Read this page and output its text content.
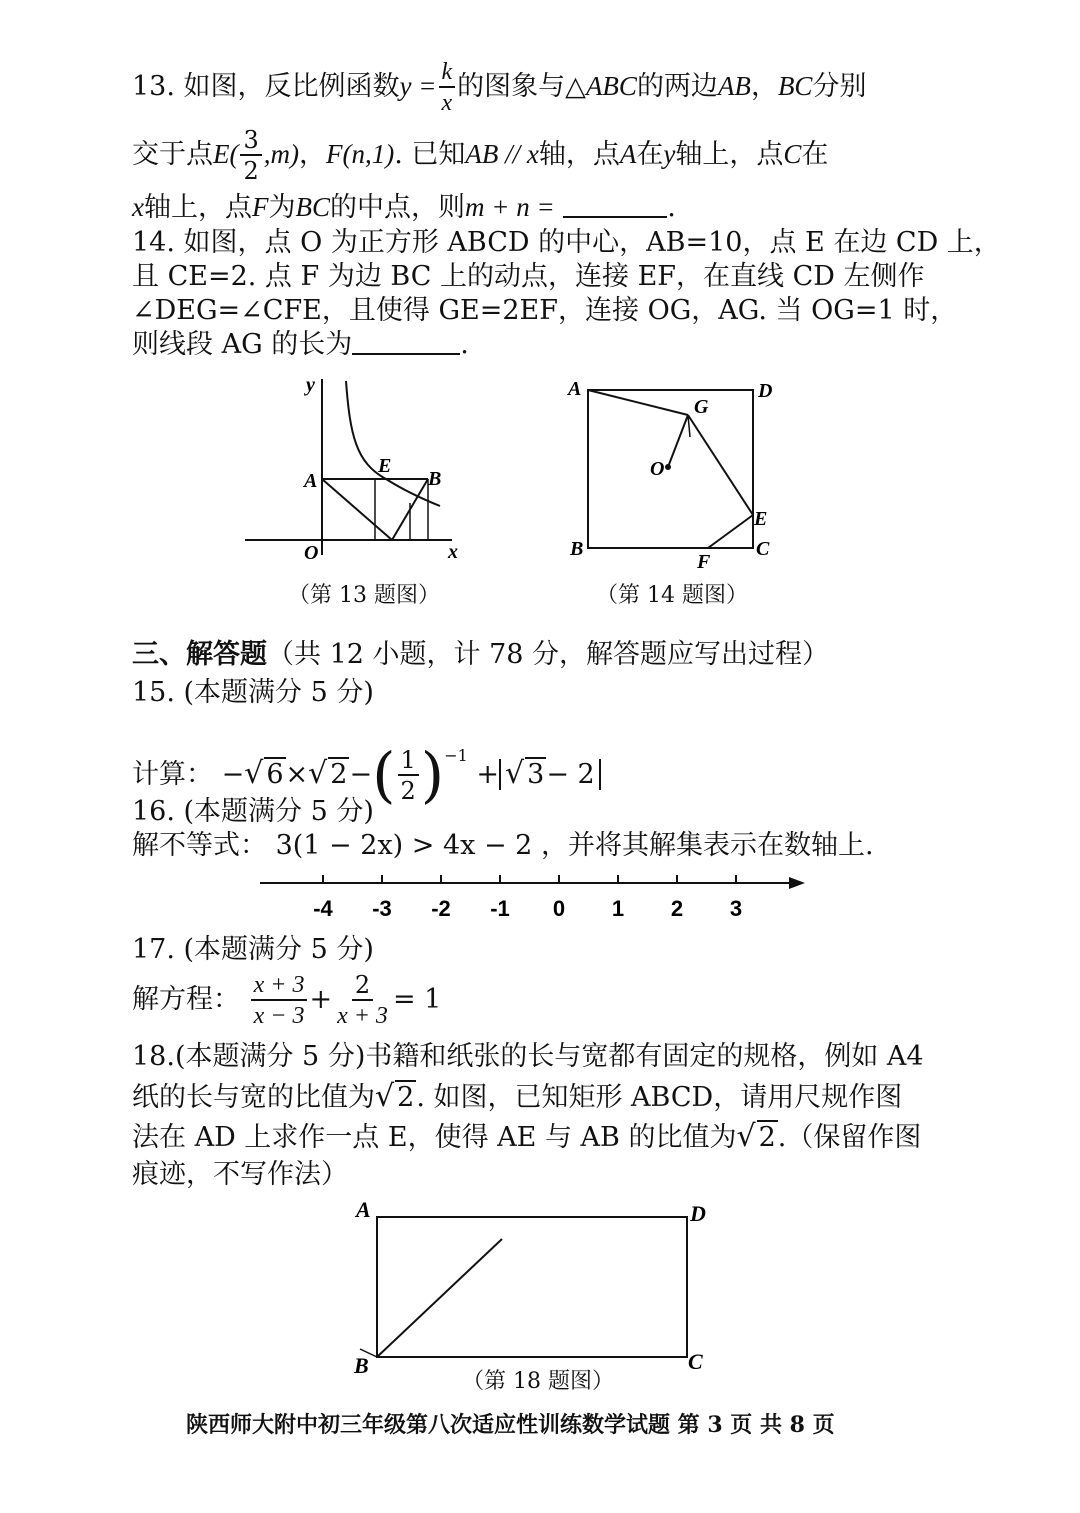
13. 如图，反比例函数$y = \frac{k}{x}$ 的图象与△ABC的两边AB，BC分别
交于点$E( \frac{3}{2} ,m)$，F(n,1). 已知AB // x轴，点A在y轴上，点C在
x轴上，点F为BC的中点，则m + n =	.
14. 如图，点 O 为正方形 ABCD 的中心，AB=10，点 E 在边 CD 上，
且 CE=2. 点 F 为边 BC 上的动点，连接 EF，在直线 CD 左侧作
∠DEG=∠CFE，且使得 GE=2EF，连接 OG，AG. 当 OG=1 时，
则线段 AG 的长为	.
y
x
O
A
E
B
（第 13 题图）
A	D
G
O
E
B
F
C
（第 14 题图）
三、解答题（共 12 小题，计 78 分，解答题应写出过程）
15. (本题满分 5 分)
计算： −√ 6×√ $2-( \frac{1}{2} )^{-1}$ + √ 3− 2
16. (本题满分 5 分)
解不等式： 3(1 − 2x) > 4x − 2 ，并将其解集表示在数轴上.
-4 -3 -2 -1 0 1 2 3
17. (本题满分 5 分)
解方程： $\frac{x + 3}{x - 3} + \frac{2}{x + 3} = 1$
18.(本题满分 5 分)书籍和纸张的长与宽都有固定的规格，例如 A4
纸的长与宽的比值为√ 2. 如图，已知矩形 ABCD，请用尺规作图
法在 AD 上求作一点 E，使得 AE 与 AB 的比值为√ 2.（保留作图
痕迹，不写作法）
A	D
B	C
（第 18 题图）
陕西师大附中初三年级第八次适应性训练数学试题 第 3 页 共 8 页
